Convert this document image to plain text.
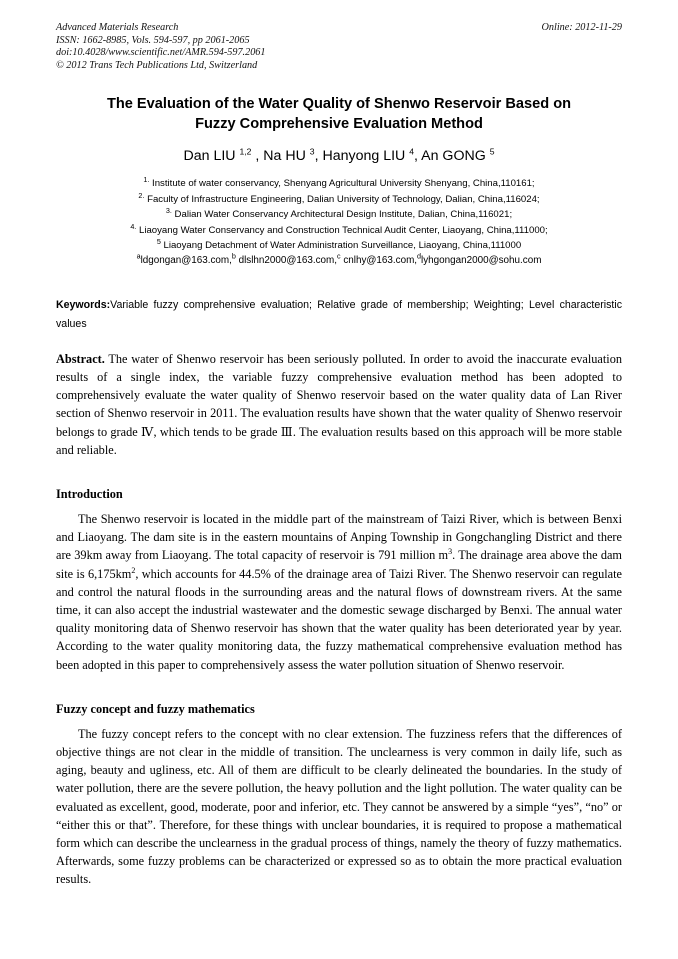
Advanced Materials Research
ISSN: 1662-8985, Vols. 594-597, pp 2061-2065
doi:10.4028/www.scientific.net/AMR.594-597.2061
© 2012 Trans Tech Publications Ltd, Switzerland
Online: 2012-11-29
The Evaluation of the Water Quality of Shenwo Reservoir Based on
Fuzzy Comprehensive Evaluation Method
Dan LIU $^{1,2}$ , Na HU $^3$, Hanyong LIU $^4$, An GONG $^5$
$^{1.}$ Institute of water conservancy, Shenyang Agricultural University Shenyang, China,110161;
$^{2.}$ Faculty of Infrastructure Engineering, Dalian University of Technology, Dalian, China,116024;
$^{3.}$ Dalian Water Conservancy Architectural Design Institute, Dalian, China,116021;
$^{4.}$ Liaoyang Water Conservancy and Construction Technical Audit Center, Liaoyang, China,111000;
$^5$ Liaoyang Detachment of Water Administration Surveillance, Liaoyang, China,111000
$^a$ldgongan@163.com,$^b$ dlslhn2000@163.com,$^c$ cnlhy@163.com,$^d$lyhgongan2000@sohu.com
Keywords:Variable fuzzy comprehensive evaluation; Relative grade of membership; Weighting; Level characteristic values
Abstract. The water of Shenwo reservoir has been seriously polluted. In order to avoid the inaccurate evaluation results of a single index, the variable fuzzy comprehensive evaluation method has been adopted to comprehensively evaluate the water quality of Shenwo reservoir based on the water quality data of Lan River section of Shenwo reservoir in 2011. The evaluation results have shown that the water quality of Shenwo reservoir belongs to grade Ⅳ, which tends to be grade Ⅲ. The evaluation results based on this approach will be more stable and reliable.
Introduction
The Shenwo reservoir is located in the middle part of the mainstream of Taizi River, which is between Benxi and Liaoyang. The dam site is in the eastern mountains of Anping Township in Gongchangling District and there are 39km away from Liaoyang. The total capacity of reservoir is 791 million $m^3$. The drainage area above the dam site is $6,175km^2$, which accounts for 44.5% of the drainage area of Taizi River. The Shenwo reservoir can regulate and control the natural floods in the surrounding areas and the natural flows of downstream rivers. At the same time, it can also accept the industrial wastewater and the domestic sewage discharged by Benxi. The annual water quality monitoring data of Shenwo reservoir has shown that the water quality has been deteriorated year by year. According to the water quality monitoring data, the fuzzy mathematical comprehensive evaluation method has been adopted in this paper to comprehensively assess the water pollution situation of Shenwo reservoir.
Fuzzy concept and fuzzy mathematics
The fuzzy concept refers to the concept with no clear extension. The fuzziness refers that the differences of objective things are not clear in the middle of transition. The unclearness is very common in daily life, such as aging, beauty and ugliness, etc. All of them are difficult to be clearly delineated the boundaries. In the study of water pollution, there are the severe pollution, the heavy pollution and the light pollution. The water quality can be evaluated as excellent, good, moderate, poor and inferior, etc. They cannot be answered by a simple “yes”, “no” or “either this or that”. Therefore, for these things with unclear boundaries, it is required to propose a mathematical form which can describe the unclearness in the gradual process of things, namely the theory of fuzzy mathematics. Afterwards, some fuzzy problems can be characterized or expressed so as to obtain the more practical evaluation results.
